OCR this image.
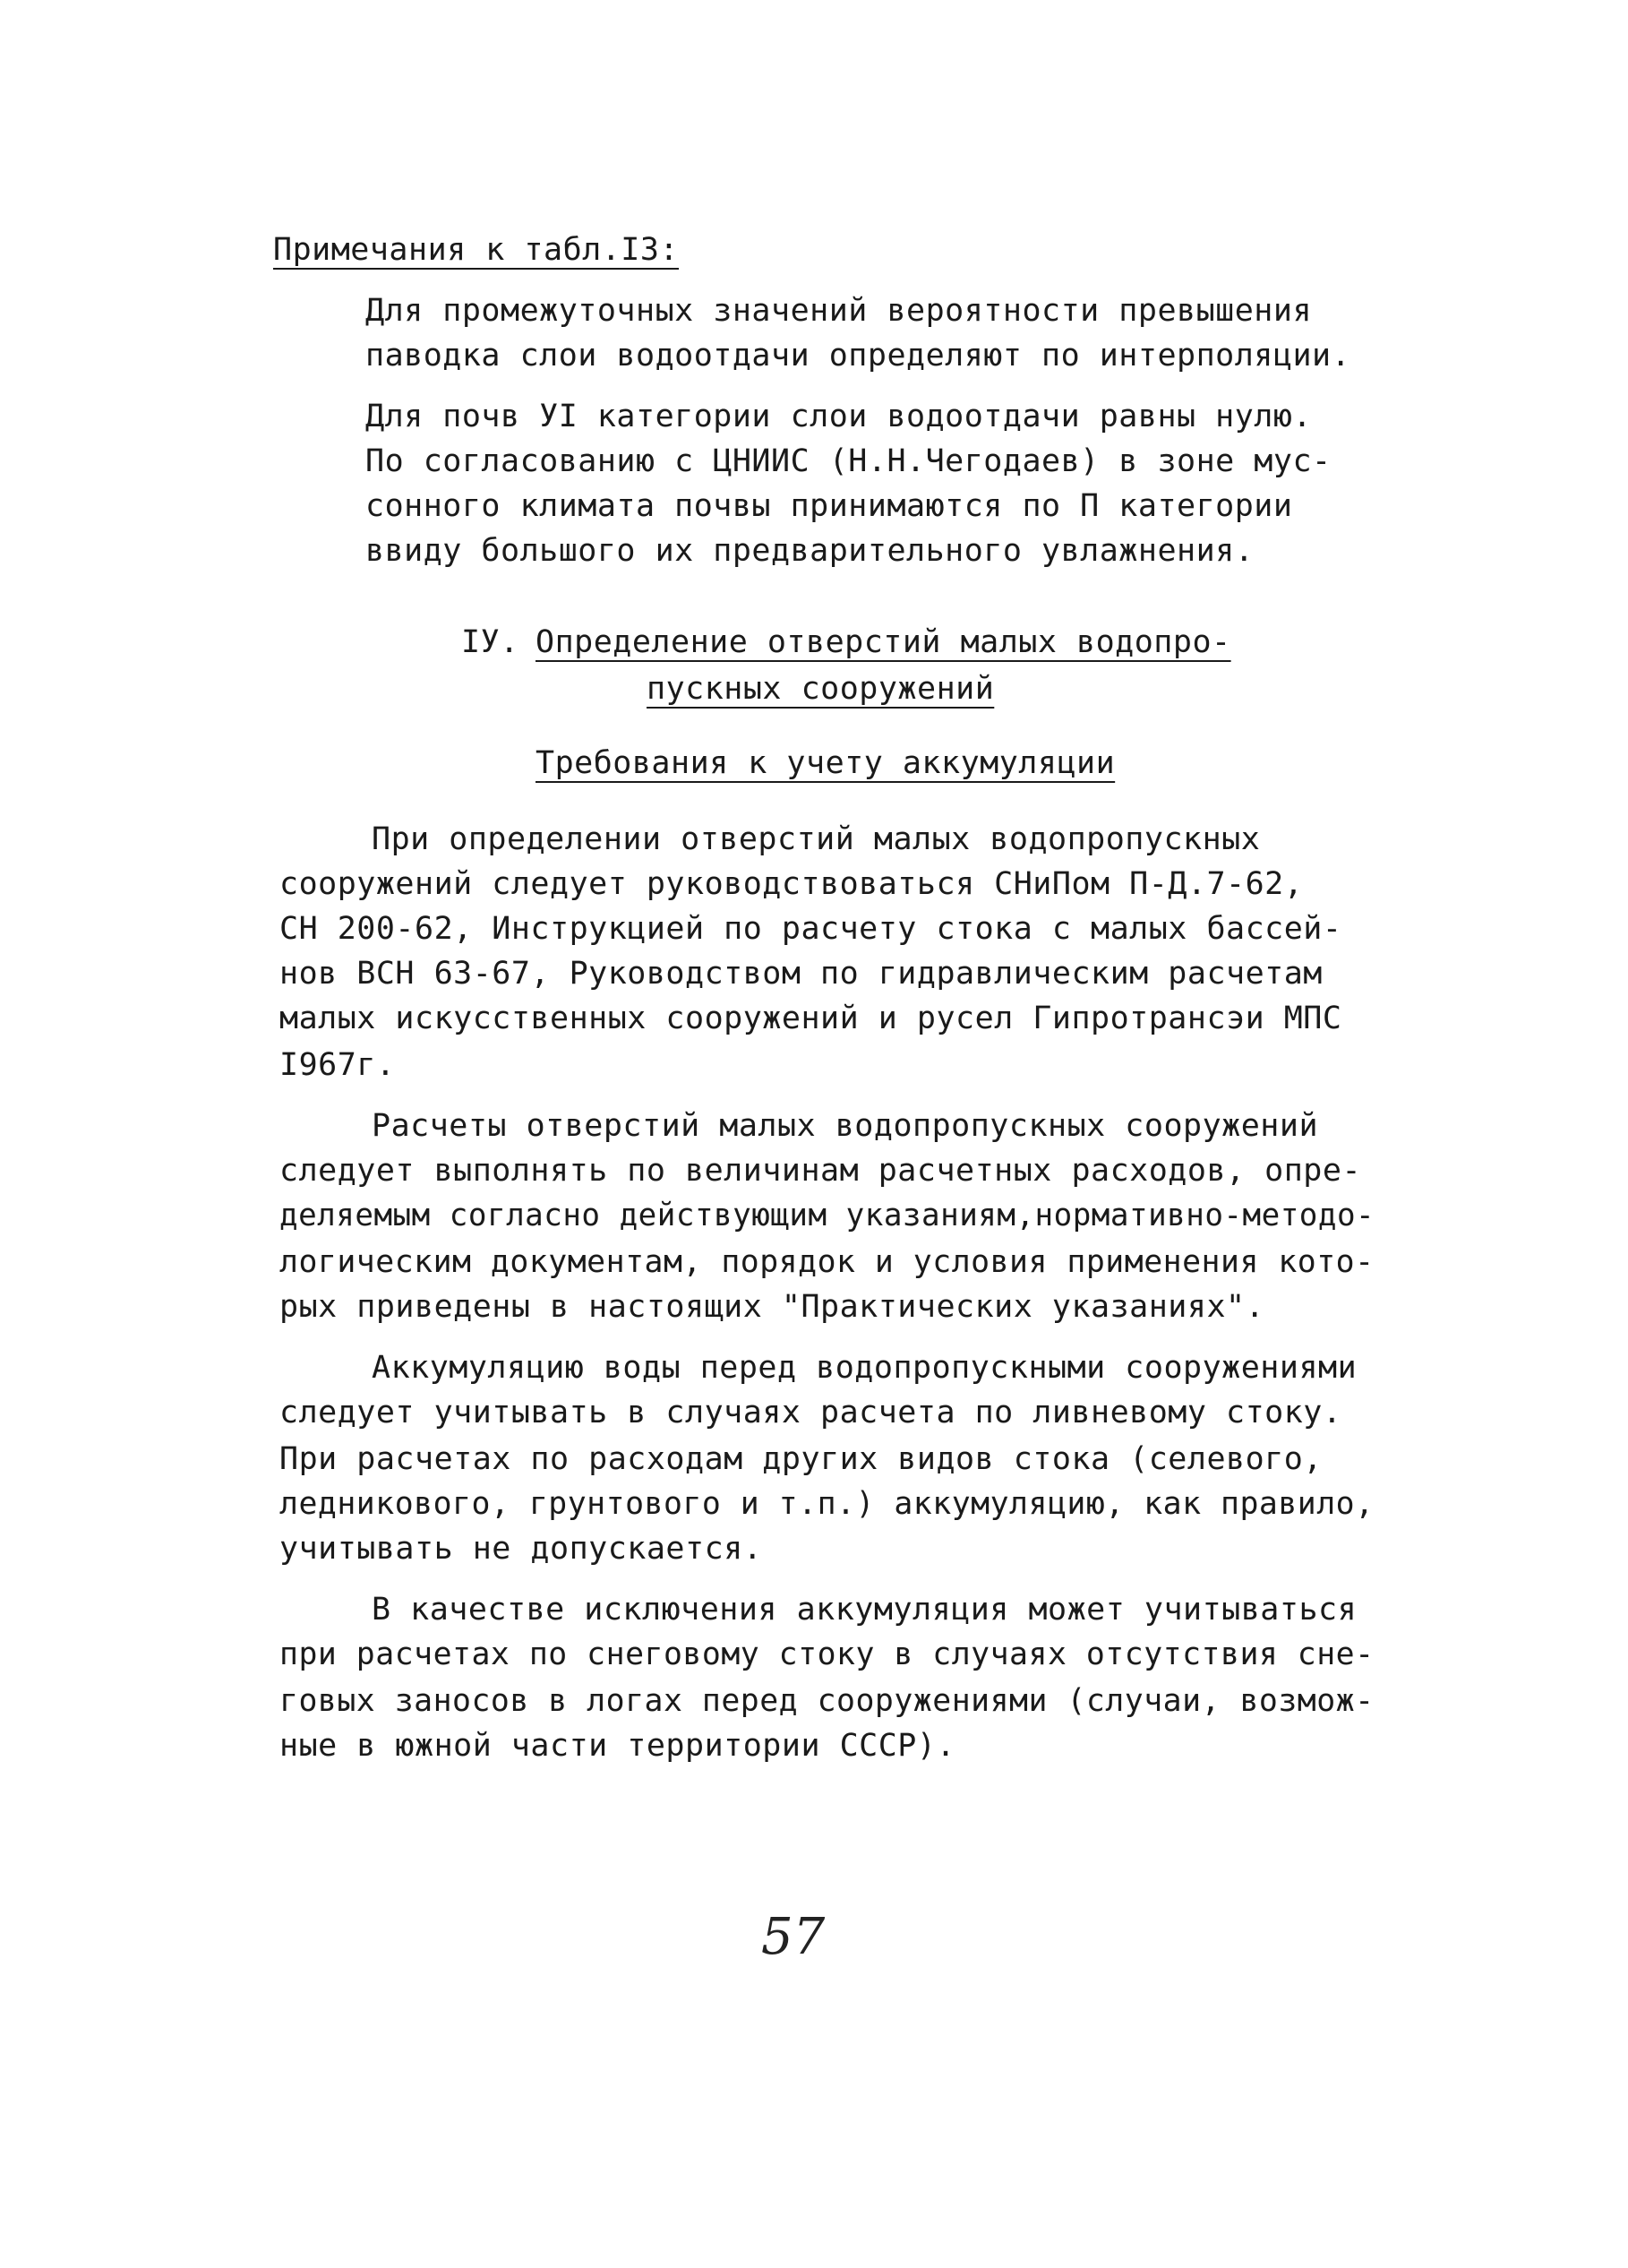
Примечания к табл.I3:
Для промежуточных значений вероятности превышения
паводка слои водоотдачи определяют по интерполяции.
Для почв УI категории слои водоотдачи равны нулю.
По согласованию с ЦНИИС (Н.Н.Чегодаев) в зоне мус-
сонного климата почвы принимаются по П категории
ввиду большого их предварительного увлажнения.
IУ. Определение отверстий малых водопро-
пускных сооружений
Требования к учету аккумуляции
При определении отверстий малых водопропускных
сооружений следует руководствоваться СНиПом П-Д.7-62,
СН 200-62, Инструкцией по расчету стока с малых бассей-
нов ВСН 63-67, Руководством по гидравлическим расчетам
малых искусственных сооружений и русел Гипротрансэи МПС
I967г.
Расчеты отверстий малых водопропускных сооружений
следует выполнять по величинам расчетных расходов, опре-
деляемым согласно действующим указаниям,нормативно-методо-
логическим документам, порядок и условия применения кото-
рых приведены в настоящих "Практических указаниях".
Аккумуляцию воды перед водопропускными сооружениями
следует учитывать в случаях расчета по ливневому стоку.
При расчетах по расходам других видов стока (селевого,
ледникового, грунтового и т.п.) аккумуляцию, как правило,
учитывать не допускается.
В качестве исключения аккумуляция может учитываться
при расчетах по снеговому стоку в случаях отсутствия сне-
говых заносов в логах перед сооружениями (случаи, возмож-
ные в южной части территории СССР).
57
